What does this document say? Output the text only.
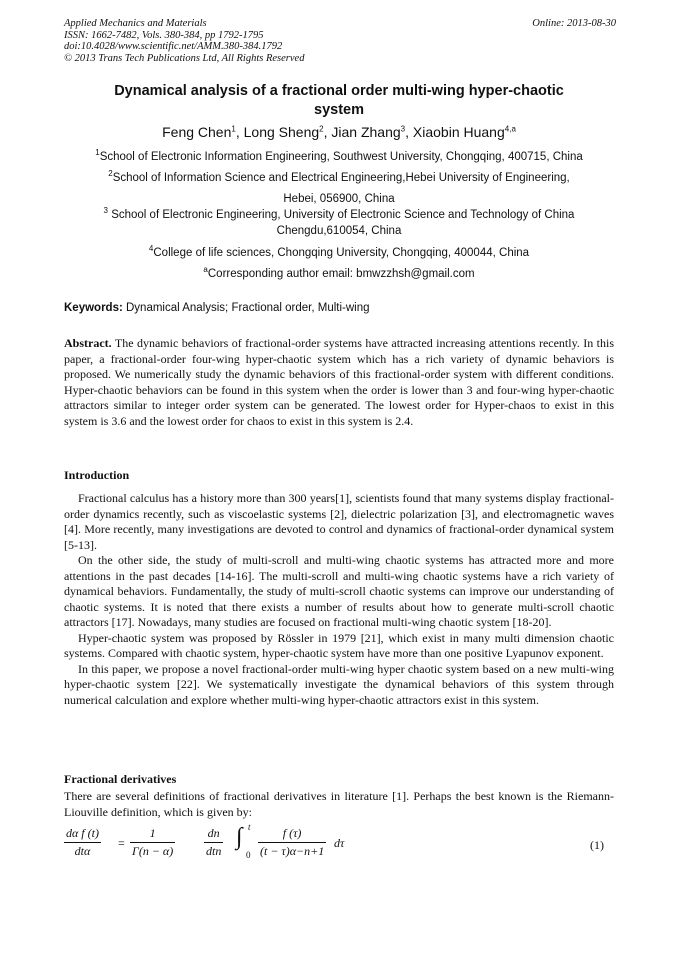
Applied Mechanics and Materials
ISSN: 1662-7482, Vols. 380-384, pp 1792-1795
doi:10.4028/www.scientific.net/AMM.380-384.1792
© 2013 Trans Tech Publications Ltd, All Rights Reserved
Online: 2013-08-30
Dynamical analysis of a fractional order multi-wing hyper-chaotic
system
Feng Chen$^1$, Long Sheng$^2$, Jian Zhang$^3$, Xiaobin Huang$^{4,a}$
$^1$School of Electronic Information Engineering, Southwest University, Chongqing, 400715, China
$^2$School of Information Science and Electrical Engineering,Hebei University of Engineering,
Hebei, 056900, China
$^3$ School of Electronic Engineering, University of Electronic Science and Technology of China
Chengdu,610054, China
$^4$College of life sciences, Chongqing University, Chongqing, 400044, China
$^a$Corresponding author email: bmwzzhsh@gmail.com
Keywords: Dynamical Analysis; Fractional order, Multi-wing
Abstract. The dynamic behaviors of fractional-order systems have attracted increasing attentions recently. In this paper, a fractional-order four-wing hyper-chaotic system which has a rich variety of dynamic behaviors is proposed. We numerically study the dynamic behaviors of this fractional-order system with different conditions. Hyper-chaotic behaviors can be found in this system when the order is lower than 3 and four-wing hyper-chaotic attractors similar to integer order system can be generated. The lowest order for Hyper-chaos to exist in this system is 3.6 and the lowest order for chaos to exist in this system is 2.4.
Introduction
Fractional calculus has a history more than 300 years[1], scientists found that many systems display fractional-order dynamics recently, such as viscoelastic systems [2], dielectric polarization [3], and electromagnetic waves [4]. More recently, many investigations are devoted to control and dynamics of fractional-order dynamical system [5-13].
On the other side, the study of multi-scroll and multi-wing chaotic systems has attracted more and more attentions in the past decades [14-16]. The multi-scroll and multi-wing chaotic systems have a rich variety of dynamical behaviors. Fundamentally, the study of multi-scroll chaotic systems can improve our understanding of chaotic systems. It is noted that there exists a number of results about how to generate multi-scroll chaotic attractors [17]. Nowadays, many studies are focused on fractional multi-wing chaotic system [18-20].
Hyper-chaotic system was proposed by Rössler in 1979 [21], which exist in many multi dimension chaotic systems. Compared with chaotic system, hyper-chaotic system have more than one positive Lyapunov exponent.
In this paper, we propose a novel fractional-order multi-wing hyper chaotic system based on a new multi-wing hyper-chaotic system [22]. We systematically investigate the dynamical behaviors of this system through numerical calculation and explore whether multi-wing hyper-chaotic attractors exist in this system.
Fractional derivatives
There are several definitions of fractional derivatives in literature [1]. Perhaps the best known is the Riemann-Liouville definition, which is given by:
dα f (t)
dtα
= $\frac{1}{\Gamma(n - \alpha)}$	dn
dtn
∫ t
$0 \frac{f (\tau)}{(t - \tau)\alpha-n+1}$ dτ	(1)
